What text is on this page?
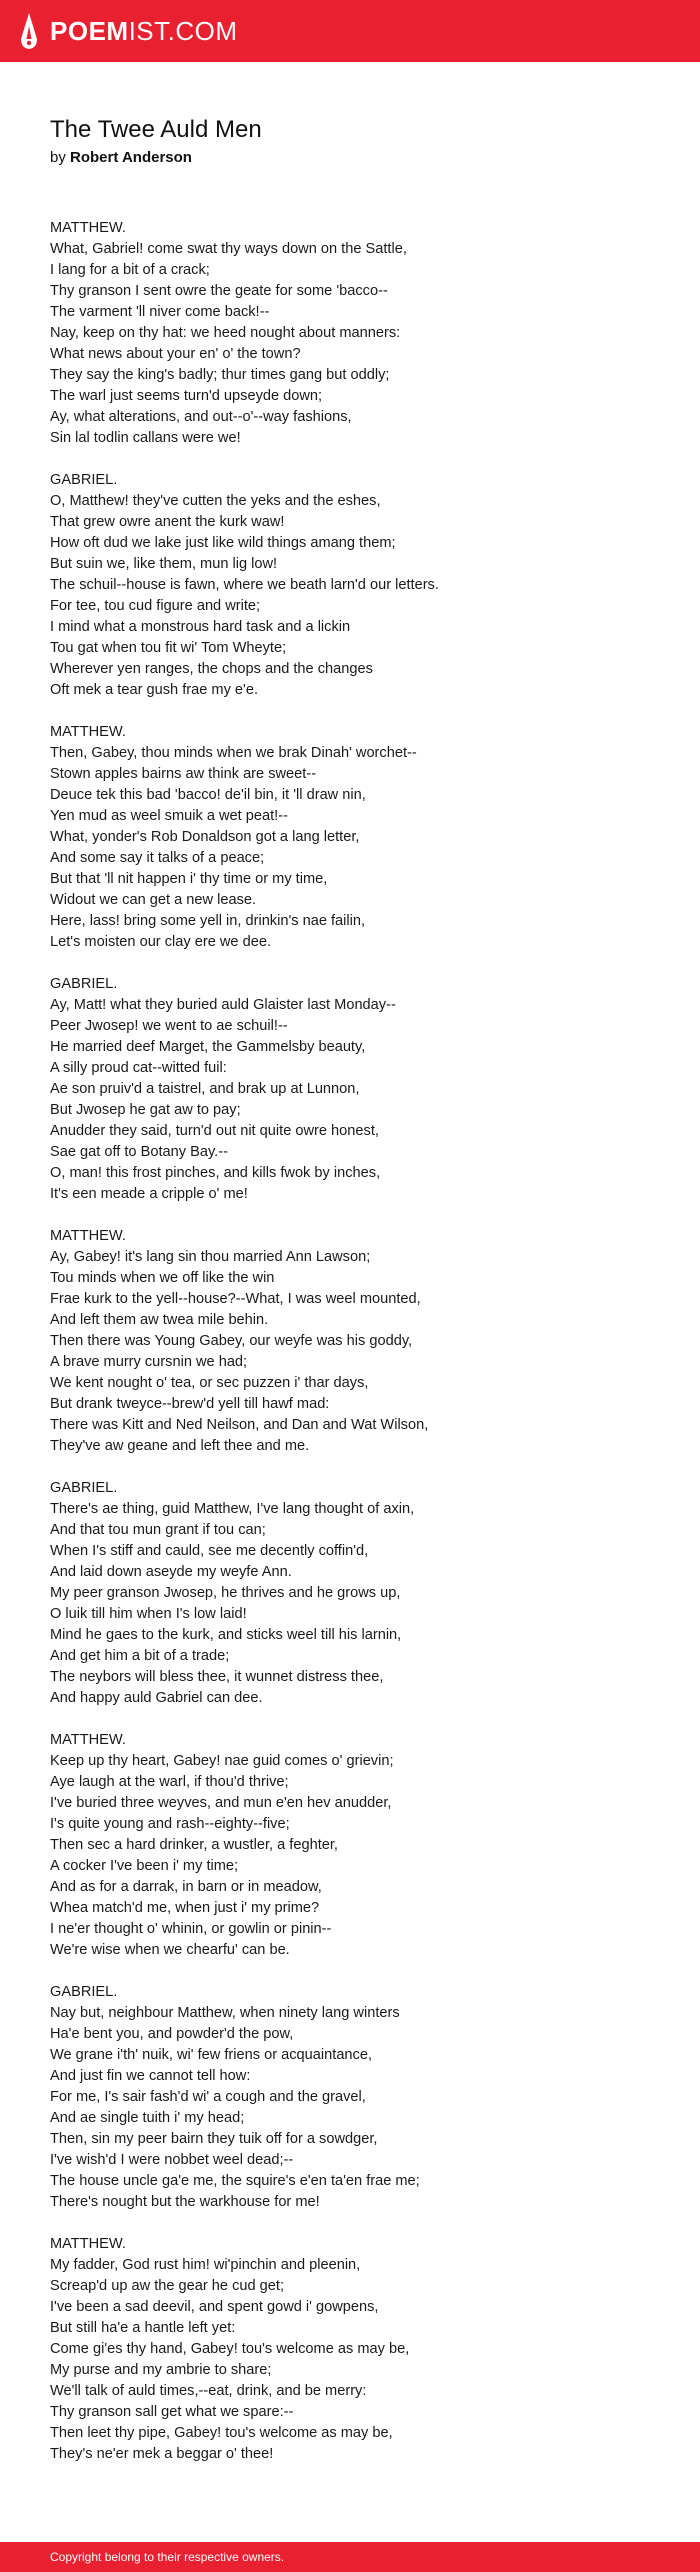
POEMIST.COM
The Twee Auld Men
by Robert Anderson
MATTHEW.
What, Gabriel! come swat thy ways down on the Sattle,
I lang for a bit of a crack;
Thy granson I sent owre the geate for some 'bacco--
The varment 'll niver come back!--
Nay, keep on thy hat: we heed nought about manners:
What news about your en' o' the town?
They say the king's badly; thur times gang but oddly;
The warl just seems turn'd upseyde down;
Ay, what alterations, and out--o'--way fashions,
Sin lal todlin callans were we!
GABRIEL.
O, Matthew! they've cutten the yeks and the eshes,
That grew owre anent the kurk waw!
How oft dud we lake just like wild things amang them;
But suin we, like them, mun lig low!
The schuil--house is fawn, where we beath larn'd our letters.
For tee, tou cud figure and write;
I mind what a monstrous hard task and a lickin
Tou gat when tou fit wi' Tom Wheyte;
Wherever yen ranges, the chops and the changes
Oft mek a tear gush frae my e'e.
MATTHEW.
Then, Gabey, thou minds when we brak Dinah' worchet--
Stown apples bairns aw think are sweet--
Deuce tek this bad 'bacco! de'il bin, it 'll draw nin,
Yen mud as weel smuik a wet peat!--
What, yonder's Rob Donaldson got a lang letter,
And some say it talks of a peace;
But that 'll nit happen i' thy time or my time,
Widout we can get a new lease.
Here, lass! bring some yell in, drinkin's nae failin,
Let's moisten our clay ere we dee.
GABRIEL.
Ay, Matt! what they buried auld Glaister last Monday--
Peer Jwosep! we went to ae schuil!--
He married deef Marget, the Gammelsby beauty,
A silly proud cat--witted fuil:
Ae son pruiv'd a taistrel, and brak up at Lunnon,
But Jwosep he gat aw to pay;
Anudder they said, turn'd out nit quite owre honest,
Sae gat off to Botany Bay.--
O, man! this frost pinches, and kills fwok by inches,
It's een meade a cripple o' me!
MATTHEW.
Ay, Gabey! it's lang sin thou married Ann Lawson;
Tou minds when we off like the win
Frae kurk to the yell--house?--What, I was weel mounted,
And left them aw twea mile behin.
Then there was Young Gabey, our weyfe was his goddy,
A brave murry cursnin we had;
We kent nought o' tea, or sec puzzen i' thar days,
But drank tweyce--brew'd yell till hawf mad:
There was Kitt and Ned Neilson, and Dan and Wat Wilson,
They've aw geane and left thee and me.
GABRIEL.
There's ae thing, guid Matthew, I've lang thought of axin,
And that tou mun grant if tou can;
When I's stiff and cauld, see me decently coffin'd,
And laid down aseyde my weyfe Ann.
My peer granson Jwosep, he thrives and he grows up,
O luik till him when I's low laid!
Mind he gaes to the kurk, and sticks weel till his larnin,
And get him a bit of a trade;
The neybors will bless thee, it wunnet distress thee,
And happy auld Gabriel can dee.
MATTHEW.
Keep up thy heart, Gabey! nae guid comes o' grievin;
Aye laugh at the warl, if thou'd thrive;
I've buried three weyves, and mun e'en hev anudder,
I's quite young and rash--eighty--five;
Then sec a hard drinker, a wustler, a feghter,
A cocker I've been i' my time;
And as for a darrak, in barn or in meadow,
Whea match'd me, when just i' my prime?
I ne'er thought o' whinin, or gowlin or pinin--
We're wise when we chearfu' can be.
GABRIEL.
Nay but, neighbour Matthew, when ninety lang winters
Ha'e bent you, and powder'd the pow,
We grane i'th' nuik, wi' few friens or acquaintance,
And just fin we cannot tell how:
For me, I's sair fash'd wi' a cough and the gravel,
And ae single tuith i' my head;
Then, sin my peer bairn they tuik off for a sowdger,
I've wish'd I were nobbet weel dead;--
The house uncle ga'e me, the squire's e'en ta'en frae me;
There's nought but the warkhouse for me!
MATTHEW.
My fadder, God rust him! wi'pinchin and pleenin,
Screap'd up aw the gear he cud get;
I've been a sad deevil, and spent gowd i' gowpens,
But still ha'e a hantle left yet:
Come gi'es thy hand, Gabey! tou's welcome as may be,
My purse and my ambrie to share;
We'll talk of auld times,--eat, drink, and be merry:
Thy granson sall get what we spare:--
Then leet thy pipe, Gabey! tou's welcome as may be,
They's ne'er mek a beggar o' thee!
Copyright belong to their respective owners.
